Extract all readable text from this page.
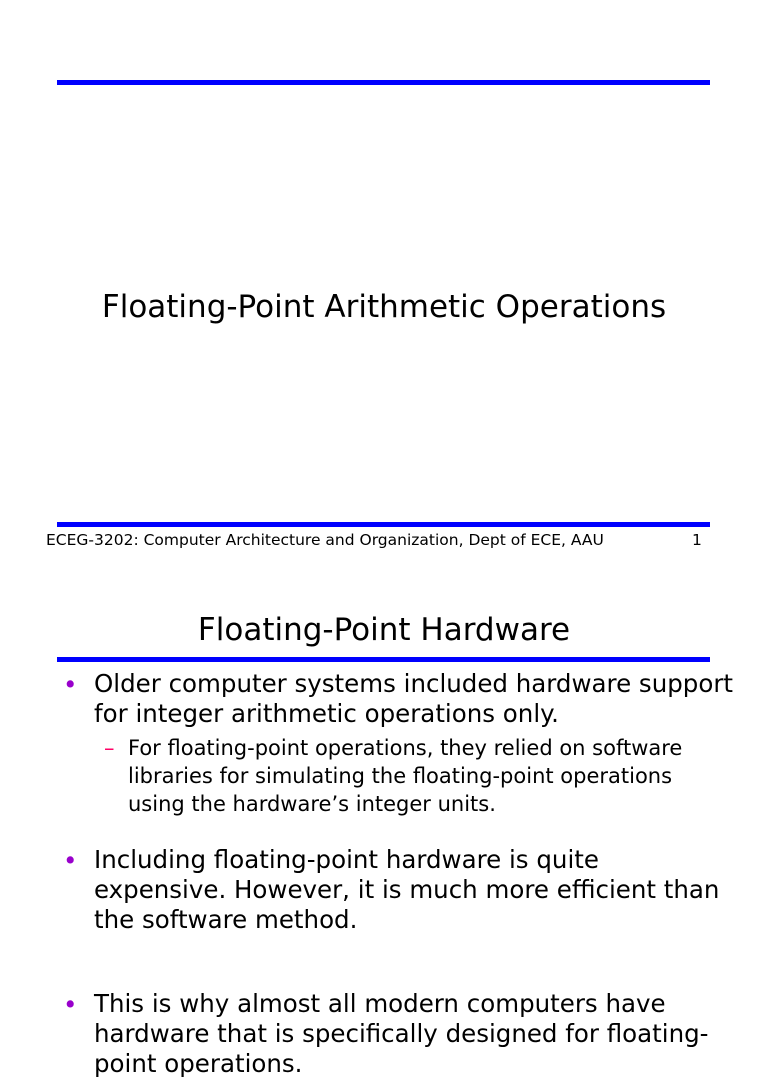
Floating-Point Arithmetic Operations
ECEG-3202: Computer Architecture and Organization, Dept of ECE, AAU	1
Floating-Point Hardware
• Older computer systems included hardware support for integer arithmetic operations only.
– For floating-point operations, they relied on software libraries for simulating the floating-point operations using the hardware’s integer units.
• Including floating-point hardware is quite expensive. However, it is much more efficient than the software method.
• This is why almost all modern computers have hardware that is specifically designed for floating-point operations.
